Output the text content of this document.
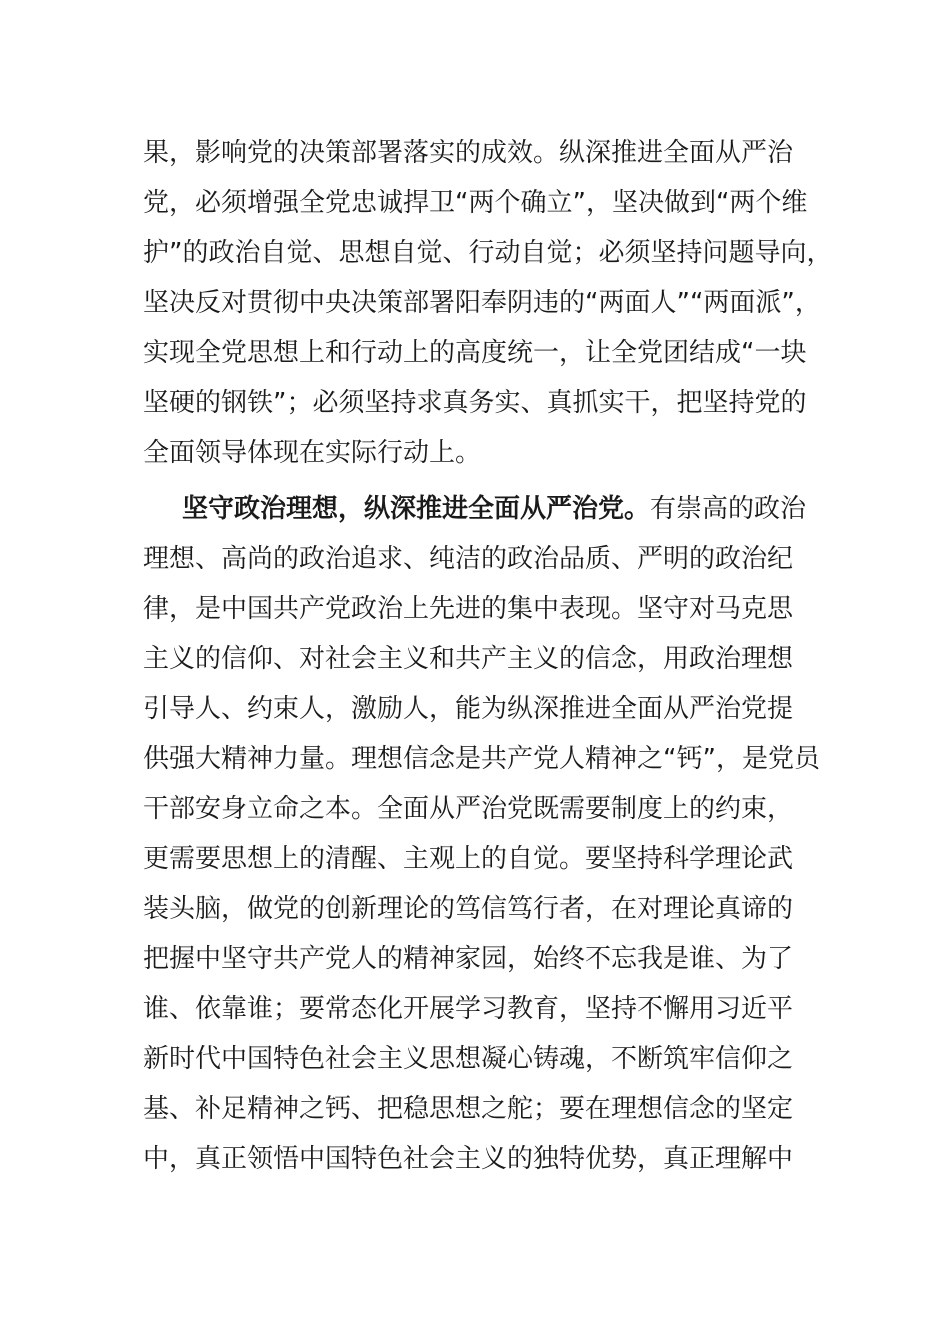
果，影响党的决策部署落实的成效。纵深推进全面从严治
党，必须增强全党忠诚捍卫“两个确立”，坚决做到“两个维
护”的政治自觉、思想自觉、行动自觉；必须坚持问题导向，
坚决反对贯彻中央决策部署阳奉阴违的“两面人”“两面派”，
实现全党思想上和行动上的高度统一，让全党团结成“一块
坚硬的钢铁”；必须坚持求真务实、真抓实干，把坚持党的
全面领导体现在实际行动上。
坚守政治理想，纵深推进全面从严治党。有崇高的政治
理想、高尚的政治追求、纯洁的政治品质、严明的政治纪
律，是中国共产党政治上先进的集中表现。坚守对马克思
主义的信仰、对社会主义和共产主义的信念，用政治理想
引导人、约束人，激励人，能为纵深推进全面从严治党提
供强大精神力量。理想信念是共产党人精神之“钙”，是党员
干部安身立命之本。全面从严治党既需要制度上的约束，
更需要思想上的清醒、主观上的自觉。要坚持科学理论武
装头脑，做党的创新理论的笃信笃行者，在对理论真谛的
把握中坚守共产党人的精神家园，始终不忘我是谁、为了
谁、依靠谁；要常态化开展学习教育，坚持不懈用习近平
新时代中国特色社会主义思想凝心铸魂，不断筑牢信仰之
基、补足精神之钙、把稳思想之舵；要在理想信念的坚定
中，真正领悟中国特色社会主义的独特优势，真正理解中
